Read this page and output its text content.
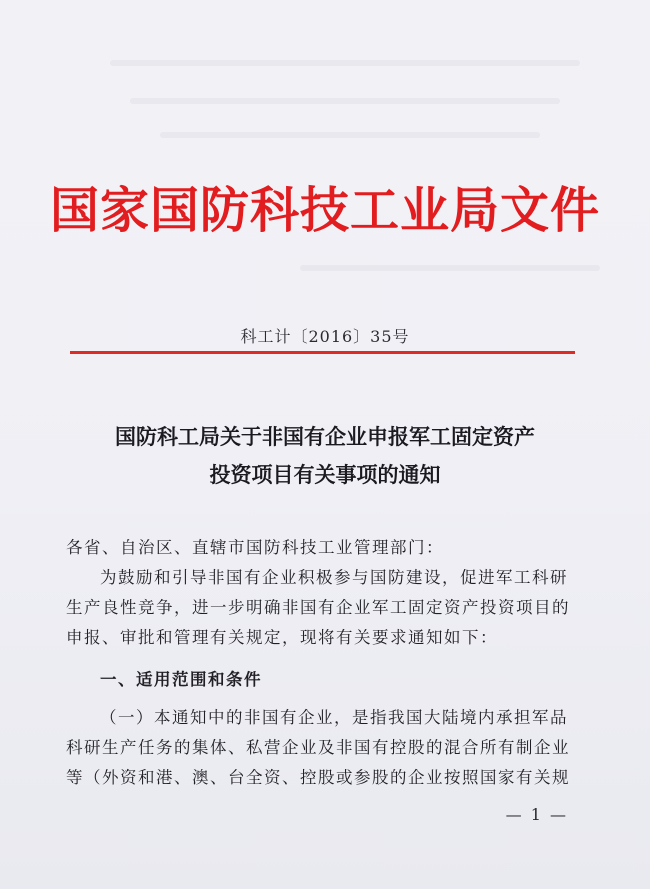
国家国防科技工业局文件
科工计〔2016〕35号
国防科工局关于非国有企业申报军工固定资产
投资项目有关事项的通知
各省、自治区、直辖市国防科技工业管理部门：
为鼓励和引导非国有企业积极参与国防建设，促进军工科研
生产良性竞争，进一步明确非国有企业军工固定资产投资项目的
申报、审批和管理有关规定，现将有关要求通知如下：
一、适用范围和条件
（一）本通知中的非国有企业，是指我国大陆境内承担军品
科研生产任务的集体、私营企业及非国有控股的混合所有制企业
等（外资和港、澳、台全资、控股或参股的企业按照国家有关规
— 1 —
